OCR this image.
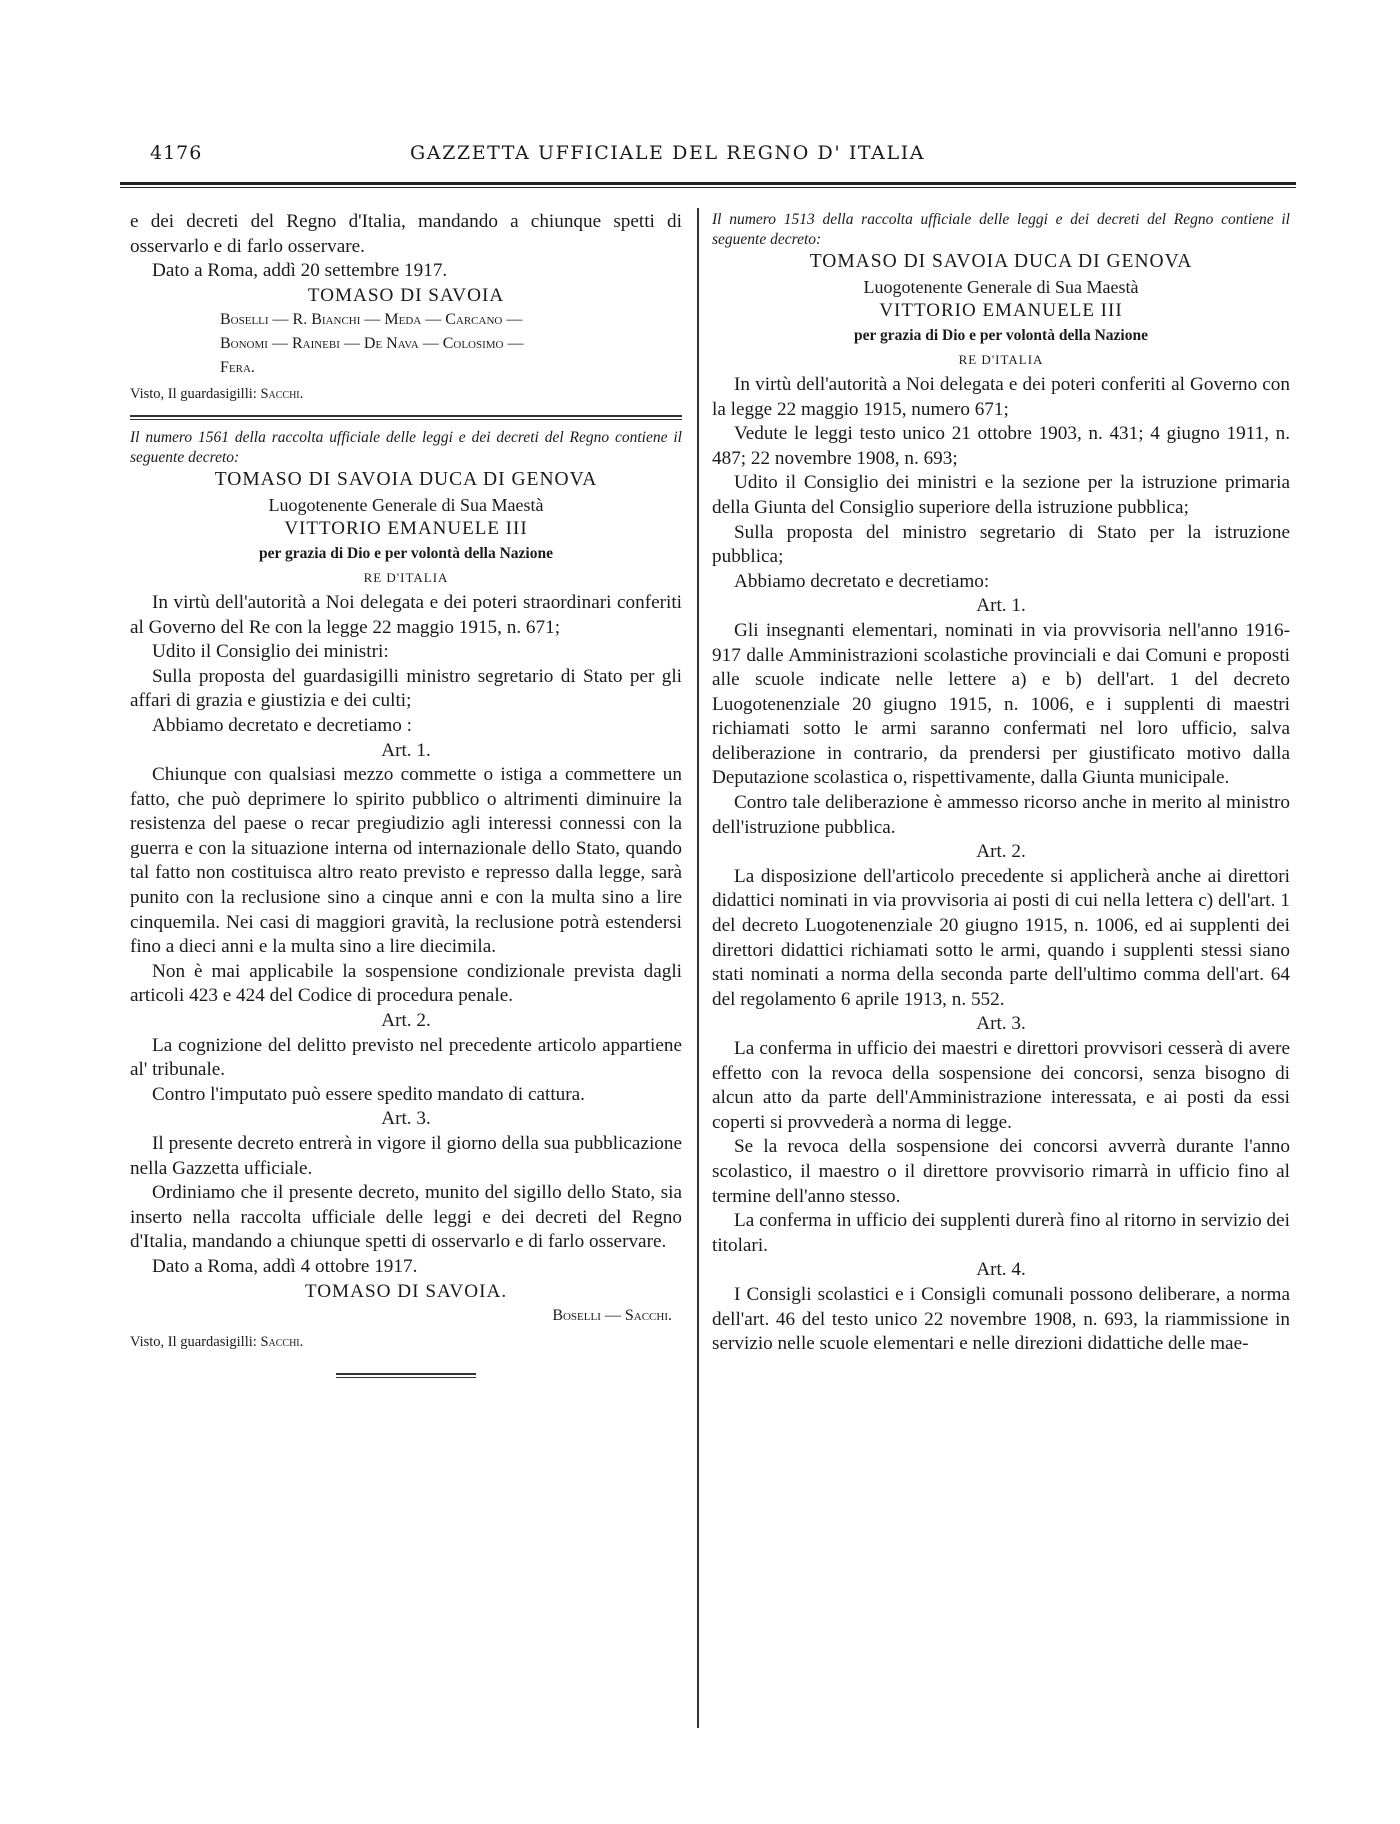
4176	GAZZETTA UFFICIALE DEL REGNO D' ITALIA

e dei decreti del Regno d'Italia, mandando a chiunque spetti di osservarlo e di farlo osservare.

Dato a Roma, addì 20 settembre 1917.

TOMASO DI SAVOIA

Boselli — R. Bianchi — Meda — Carcano —

Bonomi — Rainebi — De Nava — Colosimo —

Fera.

Visto, Il guardasigilli: Sacchi.

Il numero 1561 della raccolta ufficiale delle leggi e dei decreti del Regno contiene il seguente decreto:

TOMASO DI SAVOIA DUCA DI GENOVA

Luogotenente Generale di Sua Maestà

VITTORIO EMANUELE III

per grazia di Dio e per volontà della Nazione

RE D'ITALIA

In virtù dell'autorità a Noi delegata e dei poteri straordinari conferiti al Governo del Re con la legge 22 maggio 1915, n. 671;

Udito il Consiglio dei ministri:

Sulla proposta del guardasigilli ministro segretario di Stato per gli affari di grazia e giustizia e dei culti;

Abbiamo decretato e decretiamo :

Art. 1.

Chiunque con qualsiasi mezzo commette o istiga a commettere un fatto, che può deprimere lo spirito pubblico o altrimenti diminuire la resistenza del paese o recar pregiudizio agli interessi connessi con la guerra e con la situazione interna od internazionale dello Stato, quando tal fatto non costituisca altro reato previsto e represso dalla legge, sarà punito con la reclusione sino a cinque anni e con la multa sino a lire cinquemila. Nei casi di maggiori gravità, la reclusione potrà estendersi fino a dieci anni e la multa sino a lire diecimila.

Non è mai applicabile la sospensione condizionale prevista dagli articoli 423 e 424 del Codice di procedura penale.

Art. 2.

La cognizione del delitto previsto nel precedente articolo appartiene al' tribunale.

Contro l'imputato può essere spedito mandato di cattura.

Art. 3.

Il presente decreto entrerà in vigore il giorno della sua pubblicazione nella Gazzetta ufficiale.

Ordiniamo che il presente decreto, munito del sigillo dello Stato, sia inserto nella raccolta ufficiale delle leggi e dei decreti del Regno d'Italia, mandando a chiunque spetti di osservarlo e di farlo osservare.

Dato a Roma, addì 4 ottobre 1917.

TOMASO DI SAVOIA.

Boselli — Sacchi.

Visto, Il guardasigilli: Sacchi.

Il numero 1513 della raccolta ufficiale delle leggi e dei decreti del Regno contiene il seguente decreto:

TOMASO DI SAVOIA DUCA DI GENOVA

Luogotenente Generale di Sua Maestà

VITTORIO EMANUELE III

per grazia di Dio e per volontà della Nazione

RE D'ITALIA

In virtù dell'autorità a Noi delegata e dei poteri conferiti al Governo con la legge 22 maggio 1915, numero 671;

Vedute le leggi testo unico 21 ottobre 1903, n. 431; 4 giugno 1911, n. 487; 22 novembre 1908, n. 693;

Udito il Consiglio dei ministri e la sezione per la istruzione primaria della Giunta del Consiglio superiore della istruzione pubblica;

Sulla proposta del ministro segretario di Stato per la istruzione pubblica;

Abbiamo decretato e decretiamo:

Art. 1.

Gli insegnanti elementari, nominati in via provvisoria nell'anno 1916-917 dalle Amministrazioni scolastiche provinciali e dai Comuni e proposti alle scuole indicate nelle lettere a) e b) dell'art. 1 del decreto Luogotenenziale 20 giugno 1915, n. 1006, e i supplenti di maestri richiamati sotto le armi saranno confermati nel loro ufficio, salva deliberazione in contrario, da prendersi per giustificato motivo dalla Deputazione scolastica o, rispettivamente, dalla Giunta municipale.

Contro tale deliberazione è ammesso ricorso anche in merito al ministro dell'istruzione pubblica.

Art. 2.

La disposizione dell'articolo precedente si applicherà anche ai direttori didattici nominati in via provvisoria ai posti di cui nella lettera c) dell'art. 1 del decreto Luogotenenziale 20 giugno 1915, n. 1006, ed ai supplenti dei direttori didattici richiamati sotto le armi, quando i supplenti stessi siano stati nominati a norma della seconda parte dell'ultimo comma dell'art. 64 del regolamento 6 aprile 1913, n. 552.

Art. 3.

La conferma in ufficio dei maestri e direttori provvisori cesserà di avere effetto con la revoca della sospensione dei concorsi, senza bisogno di alcun atto da parte dell'Amministrazione interessata, e ai posti da essi coperti si provvederà a norma di legge.

Se la revoca della sospensione dei concorsi avverrà durante l'anno scolastico, il maestro o il direttore provvisorio rimarrà in ufficio fino al termine dell'anno stesso.

La conferma in ufficio dei supplenti durerà fino al ritorno in servizio dei titolari.

Art. 4.

I Consigli scolastici e i Consigli comunali possono deliberare, a norma dell'art. 46 del testo unico 22 novembre 1908, n. 693, la riammissione in servizio nelle scuole elementari e nelle direzioni didattiche delle mae-
